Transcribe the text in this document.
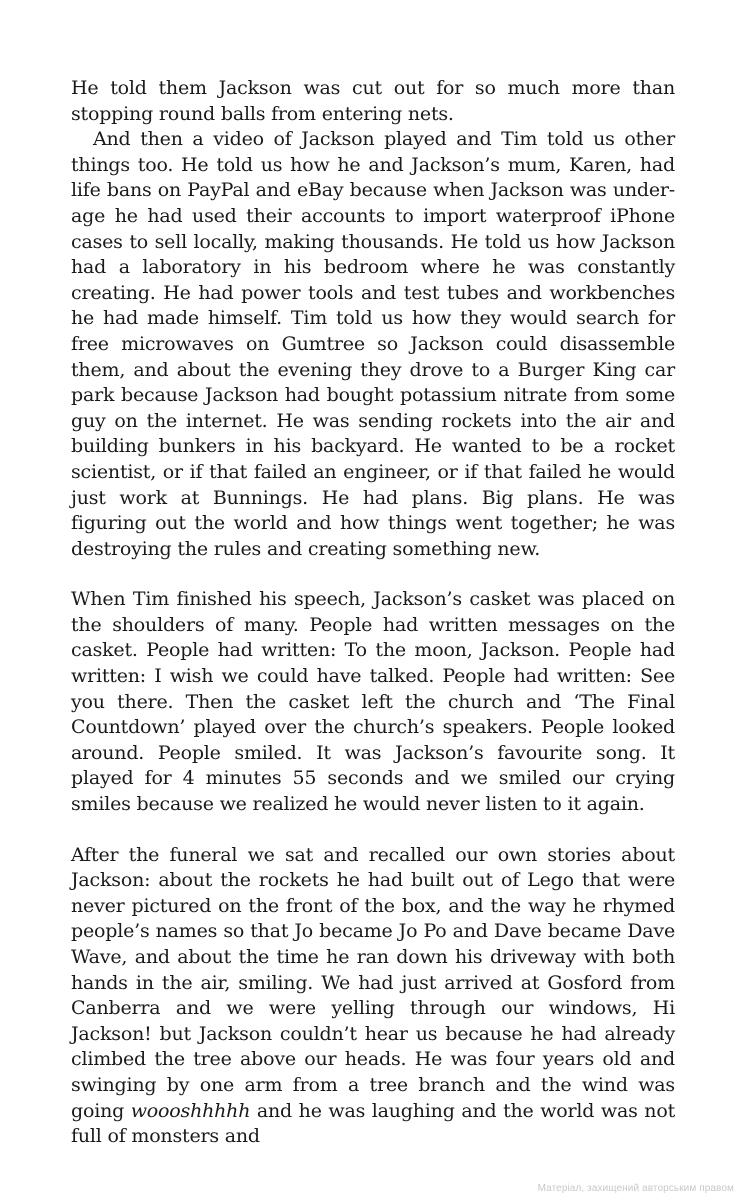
He told them Jackson was cut out for so much more than stopping round balls from entering nets.

And then a video of Jackson played and Tim told us other things too. He told us how he and Jackson’s mum, Karen, had life bans on PayPal and eBay because when Jackson was under-age he had used their accounts to import waterproof iPhone cases to sell locally, making thousands. He told us how Jackson had a laboratory in his bedroom where he was constantly creating. He had power tools and test tubes and workbenches he had made himself. Tim told us how they would search for free microwaves on Gumtree so Jackson could disassemble them, and about the evening they drove to a Burger King car park because Jackson had bought potassium nitrate from some guy on the internet. He was sending rockets into the air and building bunkers in his backyard. He wanted to be a rocket scientist, or if that failed an engineer, or if that failed he would just work at Bunnings. He had plans. Big plans. He was figuring out the world and how things went together; he was destroying the rules and creating something new.

When Tim finished his speech, Jackson’s casket was placed on the shoulders of many. People had written messages on the casket. People had written: To the moon, Jackson. People had written: I wish we could have talked. People had written: See you there. Then the casket left the church and ‘The Final Countdown’ played over the church’s speakers. People looked around. People smiled. It was Jackson’s favourite song. It played for 4 minutes 55 seconds and we smiled our crying smiles because we realized he would never listen to it again.

After the funeral we sat and recalled our own stories about Jackson: about the rockets he had built out of Lego that were never pictured on the front of the box, and the way he rhymed people’s names so that Jo became Jo Po and Dave became Dave Wave, and about the time he ran down his driveway with both hands in the air, smiling. We had just arrived at Gosford from Canberra and we were yelling through our windows, Hi Jackson! but Jackson couldn’t hear us because he had already climbed the tree above our heads. He was four years old and swinging by one arm from a tree branch and the wind was going woooshhhhh and he was laughing and the world was not full of monsters and

Матеріал, захищений авторським правом
